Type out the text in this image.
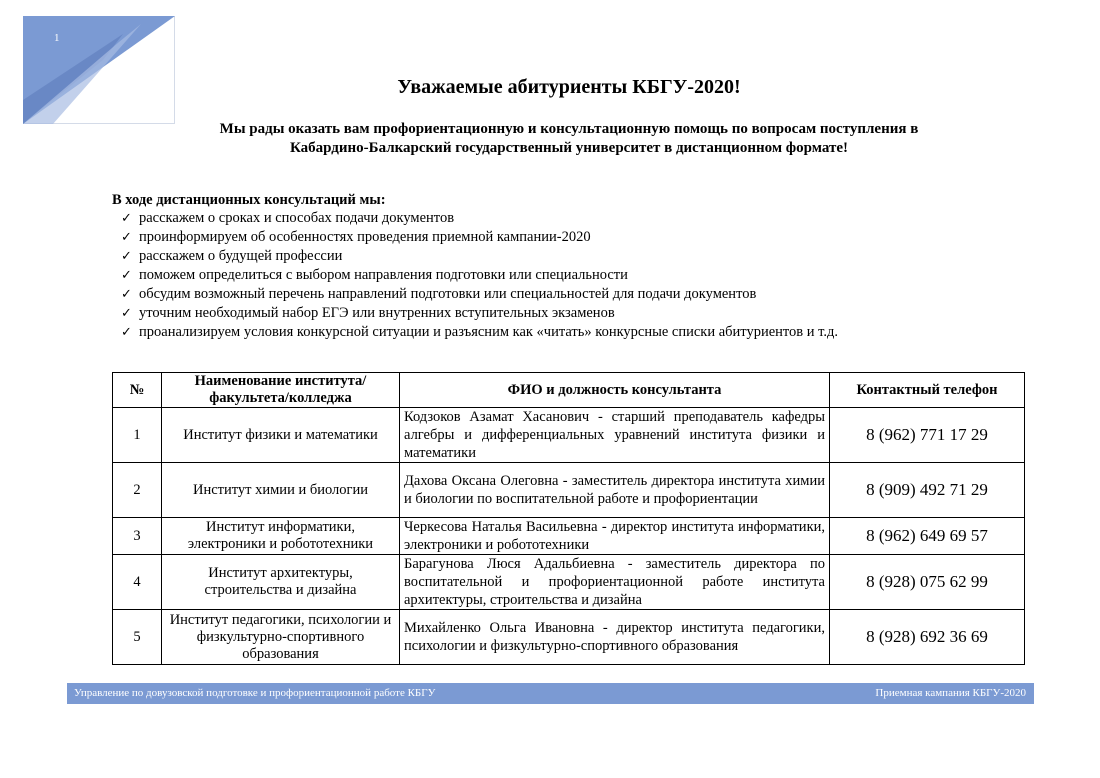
1
Уважаемые абитуриенты КБГУ-2020!
Мы рады оказать вам профориентационную и консультационную помощь по вопросам поступления в
Кабардино-Балкарский государственный университет в дистанционном формате!
В ходе дистанционных консультаций мы:
✓ расскажем о сроках и способах подачи документов
✓ проинформируем об особенностях проведения приемной кампании-2020
✓ расскажем о будущей профессии
✓ поможем определиться с выбором направления подготовки или специальности
✓ обсудим возможный перечень направлений подготовки или специальностей для подачи документов
✓ уточним необходимый набор ЕГЭ или внутренних вступительных экзаменов
✓ проанализируем условия конкурсной ситуации и разъясним как «читать» конкурсные списки абитуриентов и т.д.
№	Наименование института/ факультета/колледжа	ФИО и должность консультанта	Контактный телефон
1	Институт физики и математики	Кодзоков Азамат Хасанович - старший преподаватель кафедры алгебры и дифференциальных уравнений института физики и математики	8 (962) 771 17 29
2	Институт химии и биологии	Дахова Оксана Олеговна - заместитель директора института химии и биологии по воспитательной работе и профориентации	8 (909) 492 71 29
3	Институт информатики, электроники и робототехники	Черкесова Наталья Васильевна - директор института информатики, электроники и робототехники	8 (962) 649 69 57
4	Институт архитектуры, строительства и дизайна	Барагунова Люся Адальбиевна - заместитель директора по воспитательной и профориентационной работе института архитектуры, строительства и дизайна	8 (928) 075 62 99
5	Институт педагогики, психологии и физкультурно-спортивного образования	Михайленко Ольга Ивановна - директор института педагогики, психологии и физкультурно-спортивного образования	8 (928) 692 36 69
Управление по довузовской подготовке и профориентационной работе КБГУ	Приемная кампания КБГУ-2020
